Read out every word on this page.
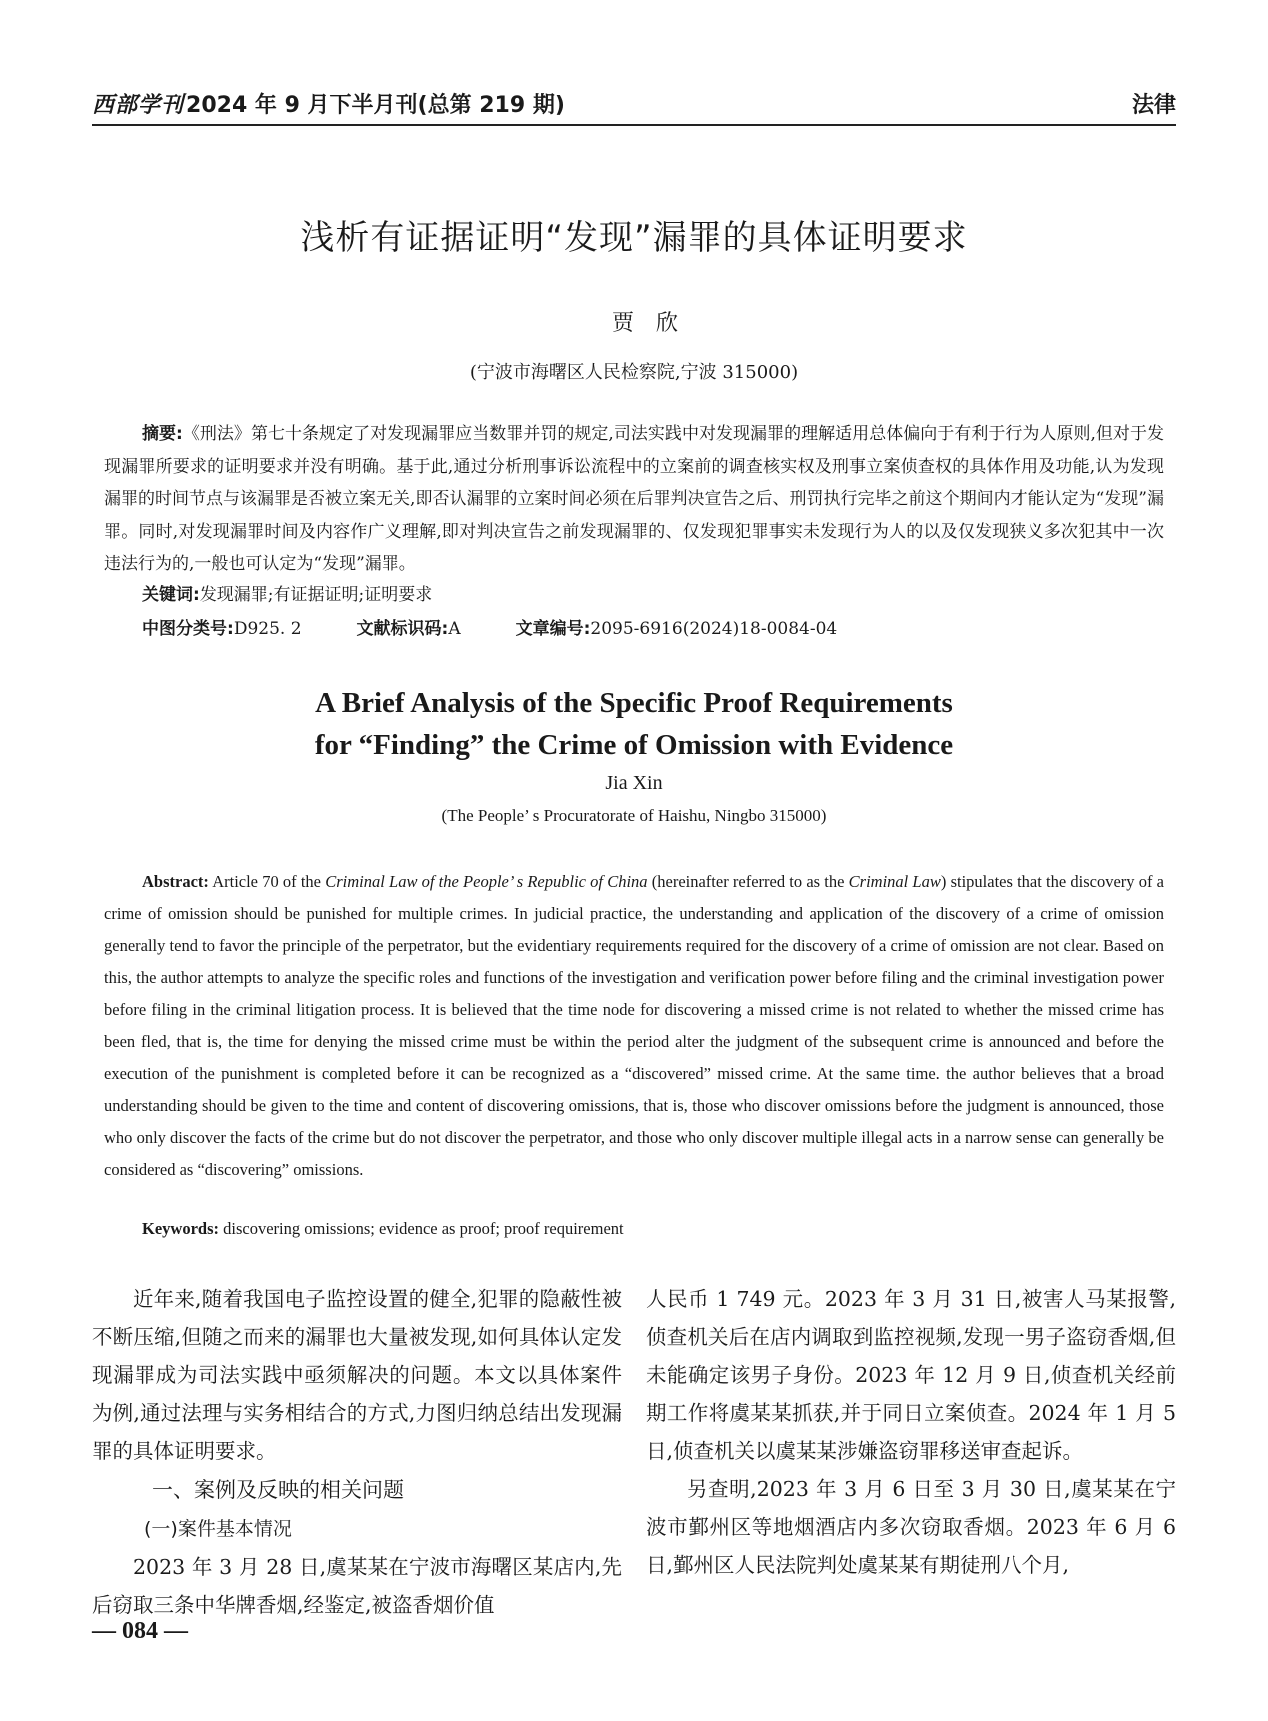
西部学刊2024 年 9 月下半月刊(总第 219 期)	法律
浅析有证据证明“发现”漏罪的具体证明要求
贾欣
(宁波市海曙区人民检察院,宁波 315000)

摘要:《刑法》第七十条规定了对发现漏罪应当数罪并罚的规定,司法实践中对发现漏罪的理解适用总体偏向于有利于行为人原则,但对于发现漏罪所要求的证明要求并没有明确。基于此,通过分析刑事诉讼流程中的立案前的调查核实权及刑事立案侦查权的具体作用及功能,认为发现漏罪的时间节点与该漏罪是否被立案无关,即否认漏罪的立案时间必须在后罪判决宣告之后、刑罚执行完毕之前这个期间内才能认定为“发现”漏罪。同时,对发现漏罪时间及内容作广义理解,即对判决宣告之前发现漏罪的、仅发现犯罪事实未发现行为人的以及仅发现狭义多次犯其中一次违法行为的,一般也可认定为“发现”漏罪。

关键词:发现漏罪;有证据证明;证明要求
中图分类号:D925. 2	文献标识码:A	文章编号:2095-6916(2024)18-0084-04
A Brief Analysis of the Specific Proof Requirements
for “Finding” the Crime of Omission with Evidence
Jia Xin
(The People’ s Procuratorate of Haishu, Ningbo 315000)

Abstract: Article 70 of the Criminal Law of the People’ s Republic of China (hereinafter referred to as the Criminal Law) stipulates that the discovery of a crime of omission should be punished for multiple crimes. In judicial practice, the understanding and application of the discovery of a crime of omission generally tend to favor the principle of the perpetrator, but the evidentiary requirements required for the discovery of a crime of omission are not clear. Based on this, the author attempts to analyze the specific roles and functions of the investigation and verification power before filing and the criminal investigation power before filing in the criminal litigation process. It is believed that the time node for discovering a missed crime is not related to whether the missed crime has been fled, that is, the time for denying the missed crime must be within the period alter the judgment of the subsequent crime is announced and before the execution of the punishment is completed before it can be recognized as a “discovered” missed crime. At the same time. the author believes that a broad understanding should be given to the time and content of discovering omissions, that is, those who discover omissions before the judgment is announced, those who only discover the facts of the crime but do not discover the perpetrator, and those who only discover multiple illegal acts in a narrow sense can generally be considered as “discovering” omissions.

Keywords: discovering omissions; evidence as proof; proof requirement

近年来,随着我国电子监控设置的健全,犯罪的隐蔽性被不断压缩,但随之而来的漏罪也大量被发现,如何具体认定发现漏罪成为司法实践中亟须解决的问题。本文以具体案件为例,通过法理与实务相结合的方式,力图归纳总结出发现漏罪的具体证明要求。

一、案例及反映的相关问题
(一)案件基本情况

2023 年 3 月 28 日,虞某某在宁波市海曙区某店内,先后窃取三条中华牌香烟,经鉴定,被盗香烟价值

人民币 1 749 元。2023 年 3 月 31 日,被害人马某报警,侦查机关后在店内调取到监控视频,发现一男子盗窃香烟,但未能确定该男子身份。2023 年 12 月 9 日,侦查机关经前期工作将虞某某抓获,并于同日立案侦查。2024 年 1 月 5 日,侦查机关以虞某某涉嫌盗窃罪移送审查起诉。

另查明,2023 年 3 月 6 日至 3 月 30 日,虞某某在宁波市鄞州区等地烟酒店内多次窃取香烟。2023 年 6 月 6 日,鄞州区人民法院判处虞某某有期徒刑八个月,

— 084 —
